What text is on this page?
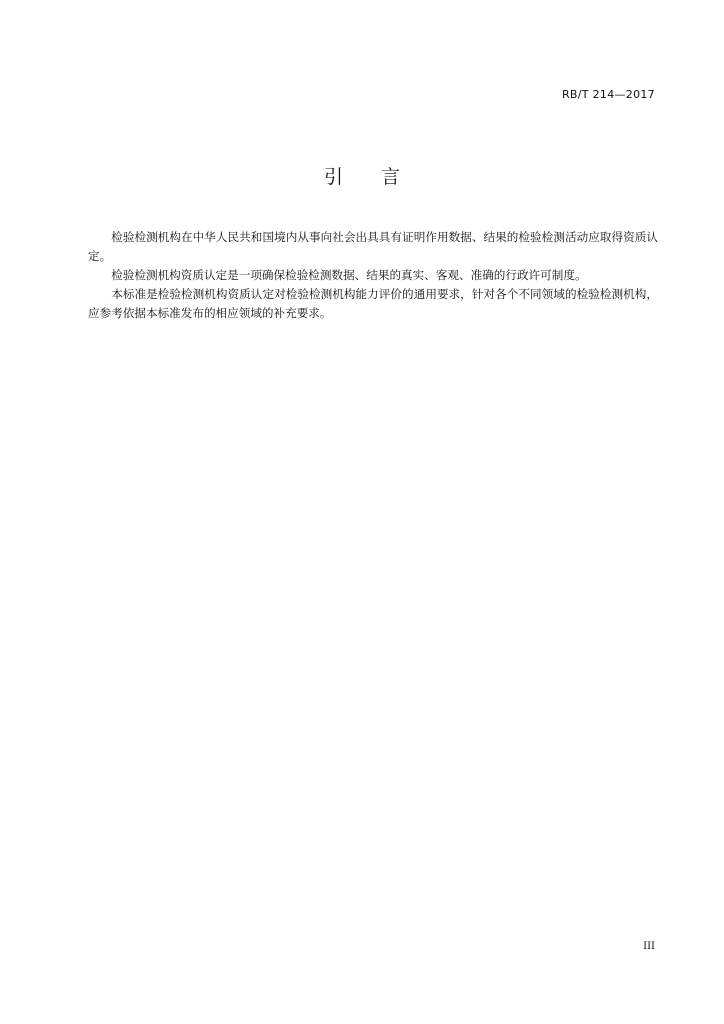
RB/T 214—2017
引 言

检验检测机构在中华人民共和国境内从事向社会出具具有证明作用数据、结果的检验检测活动应取得资质认定。

检验检测机构资质认定是一项确保检验检测数据、结果的真实、客观、准确的行政许可制度。

本标准是检验检测机构资质认定对检验检测机构能力评价的通用要求，针对各个不同领域的检验检测机构，应参考依据本标准发布的相应领域的补充要求。

III
